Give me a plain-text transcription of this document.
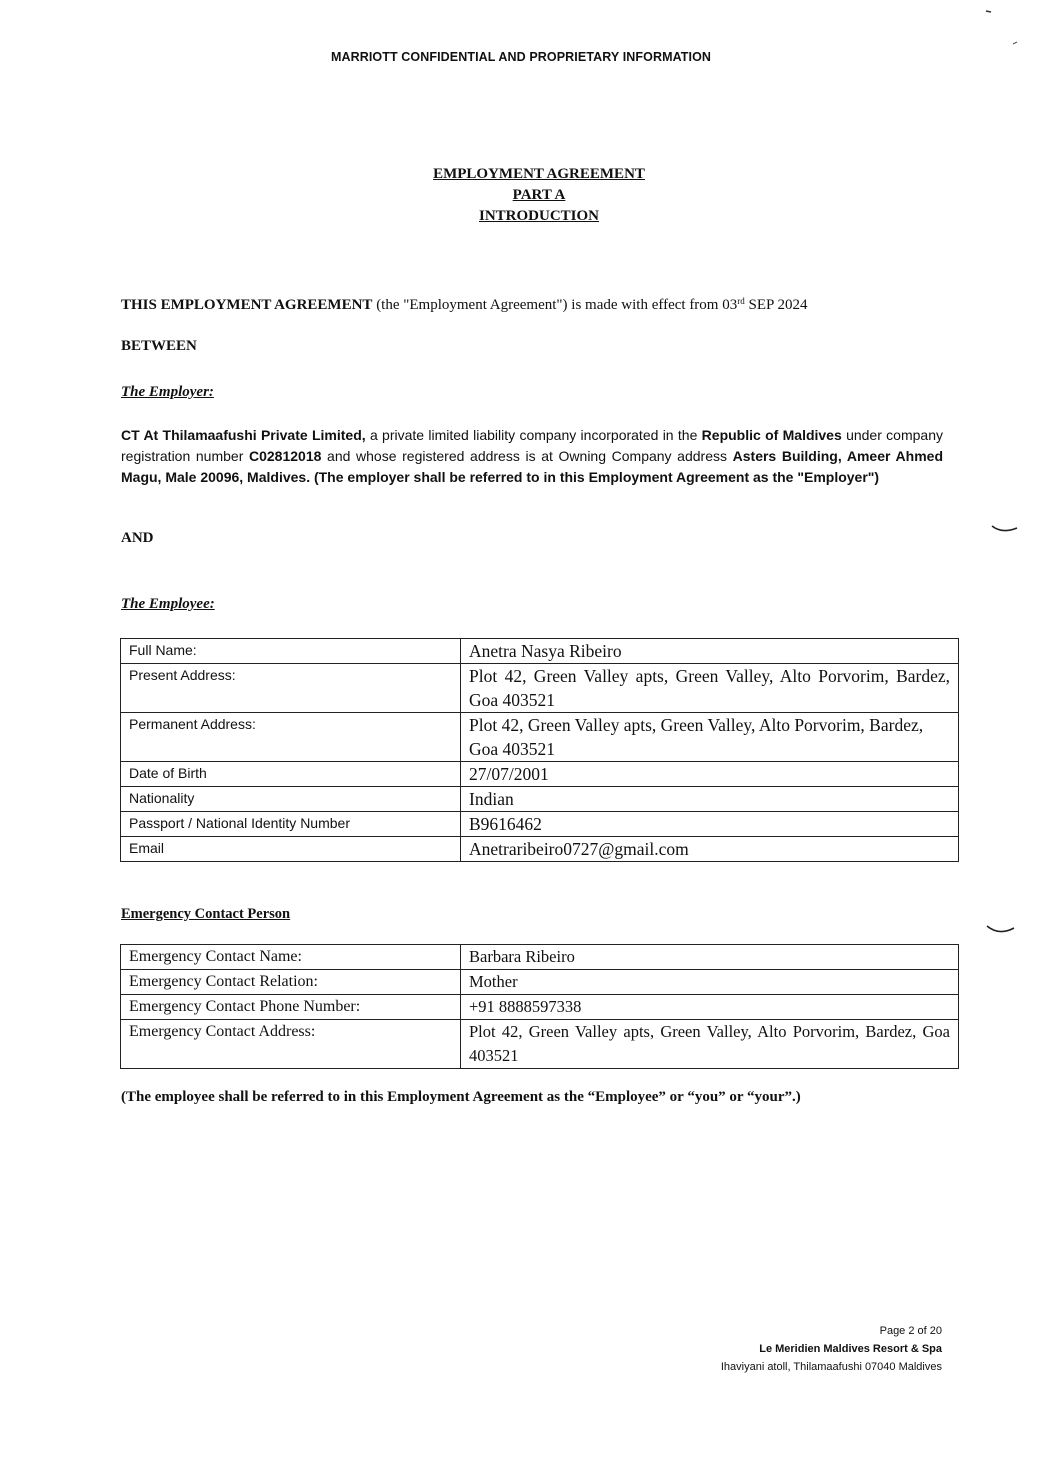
MARRIOTT CONFIDENTIAL AND PROPRIETARY INFORMATION
EMPLOYMENT AGREEMENT
PART A
INTRODUCTION
THIS EMPLOYMENT AGREEMENT (the "Employment Agreement") is made with effect from 03rd SEP 2024
BETWEEN
The Employer:
CT At Thilamaafushi Private Limited, a private limited liability company incorporated in the Republic of Maldives under company registration number C02812018 and whose registered address is at Owning Company address Asters Building, Ameer Ahmed Magu, Male 20096, Maldives. (The employer shall be referred to in this Employment Agreement as the "Employer")
AND
The Employee:
Full Name:	Anetra Nasya Ribeiro
Present Address:	Plot 42, Green Valley apts, Green Valley, Alto Porvorim, Bardez, Goa 403521
Permanent Address:	Plot 42, Green Valley apts, Green Valley, Alto Porvorim, Bardez, Goa 403521
Date of Birth	27/07/2001
Nationality	Indian
Passport / National Identity Number	B9616462
Email	Anetraribeiro0727@gmail.com
Emergency Contact Person
Emergency Contact Name:	Barbara Ribeiro
Emergency Contact Relation:	Mother
Emergency Contact Phone Number:	+91 8888597338
Emergency Contact Address:	Plot 42, Green Valley apts, Green Valley, Alto Porvorim, Bardez, Goa 403521
(The employee shall be referred to in this Employment Agreement as the “Employee” or “you” or “your”.)
Page 2 of 20
Le Meridien Maldives Resort & Spa
Ihaviyani atoll, Thilamaafushi 07040 Maldives
